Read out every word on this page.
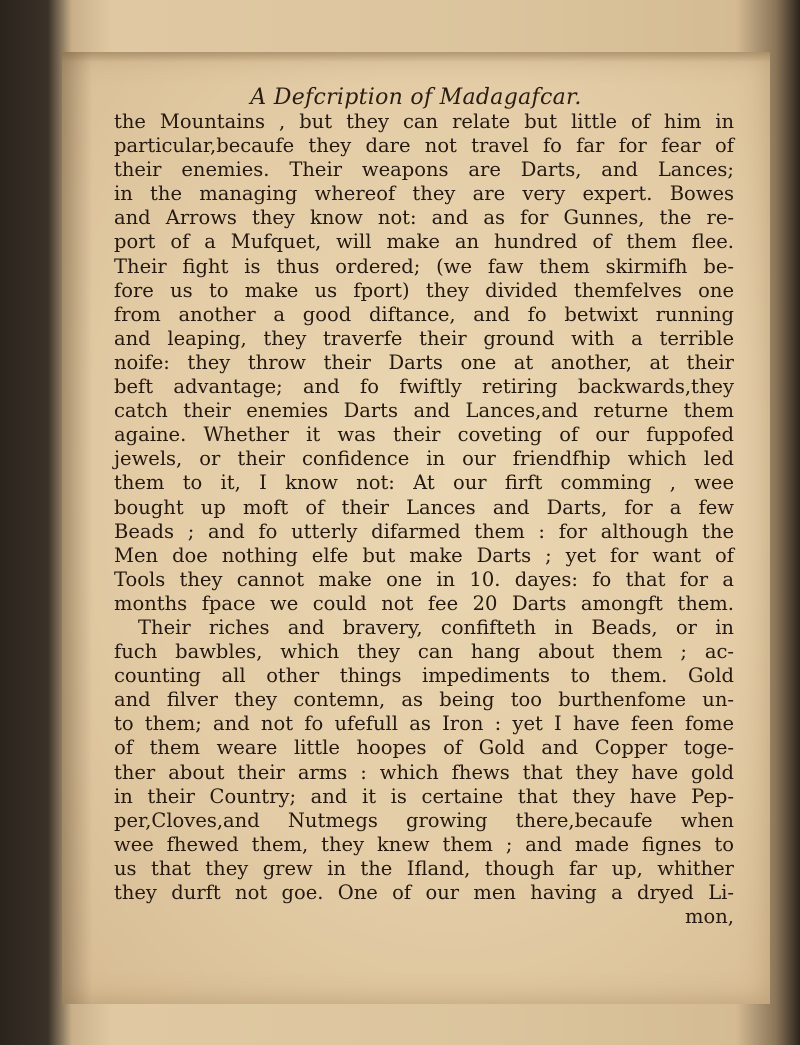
A Defcription of Madagafcar.
the Mountains , but they can relate but little of him in
particular,becaufe they dare not travel fo far for fear of
their enemies. Their weapons are Darts, and Lances;
in the managing whereof they are very expert. Bowes
and Arrows they know not: and as for Gunnes, the re-
port of a Mufquet, will make an hundred of them flee.
Their fight is thus ordered; (we faw them skirmifh be-
fore us to make us fport) they divided themfelves one
from another a good diftance, and fo betwixt running
and leaping, they traverfe their ground with a terrible
noife: they throw their Darts one at another, at their
beft advantage; and fo fwiftly retiring backwards,they
catch their enemies Darts and Lances,and returne them
againe. Whether it was their coveting of our fuppofed
jewels, or their confidence in our friendfhip which led
them to it, I know not: At our firft comming , wee
bought up moft of their Lances and Darts, for a few
Beads ; and fo utterly difarmed them : for although the
Men doe nothing elfe but make Darts ; yet for want of
Tools they cannot make one in 10. dayes: fo that for a
months fpace we could not fee 20 Darts amongft them.
Their riches and bravery, confifteth in Beads, or in
fuch bawbles, which they can hang about them ; ac-
counting all other things impediments to them. Gold
and filver they contemn, as being too burthenfome un-
to them; and not fo ufefull as Iron : yet I have feen fome
of them weare little hoopes of Gold and Copper toge-
ther about their arms : which fhews that they have gold
in their Country; and it is certaine that they have Pep-
per,Cloves,and Nutmegs growing there,becaufe when
wee fhewed them, they knew them ; and made fignes to
us that they grew in the Ifland, though far up, whither
they durft not goe. One of our men having a dryed Li-
mon,
